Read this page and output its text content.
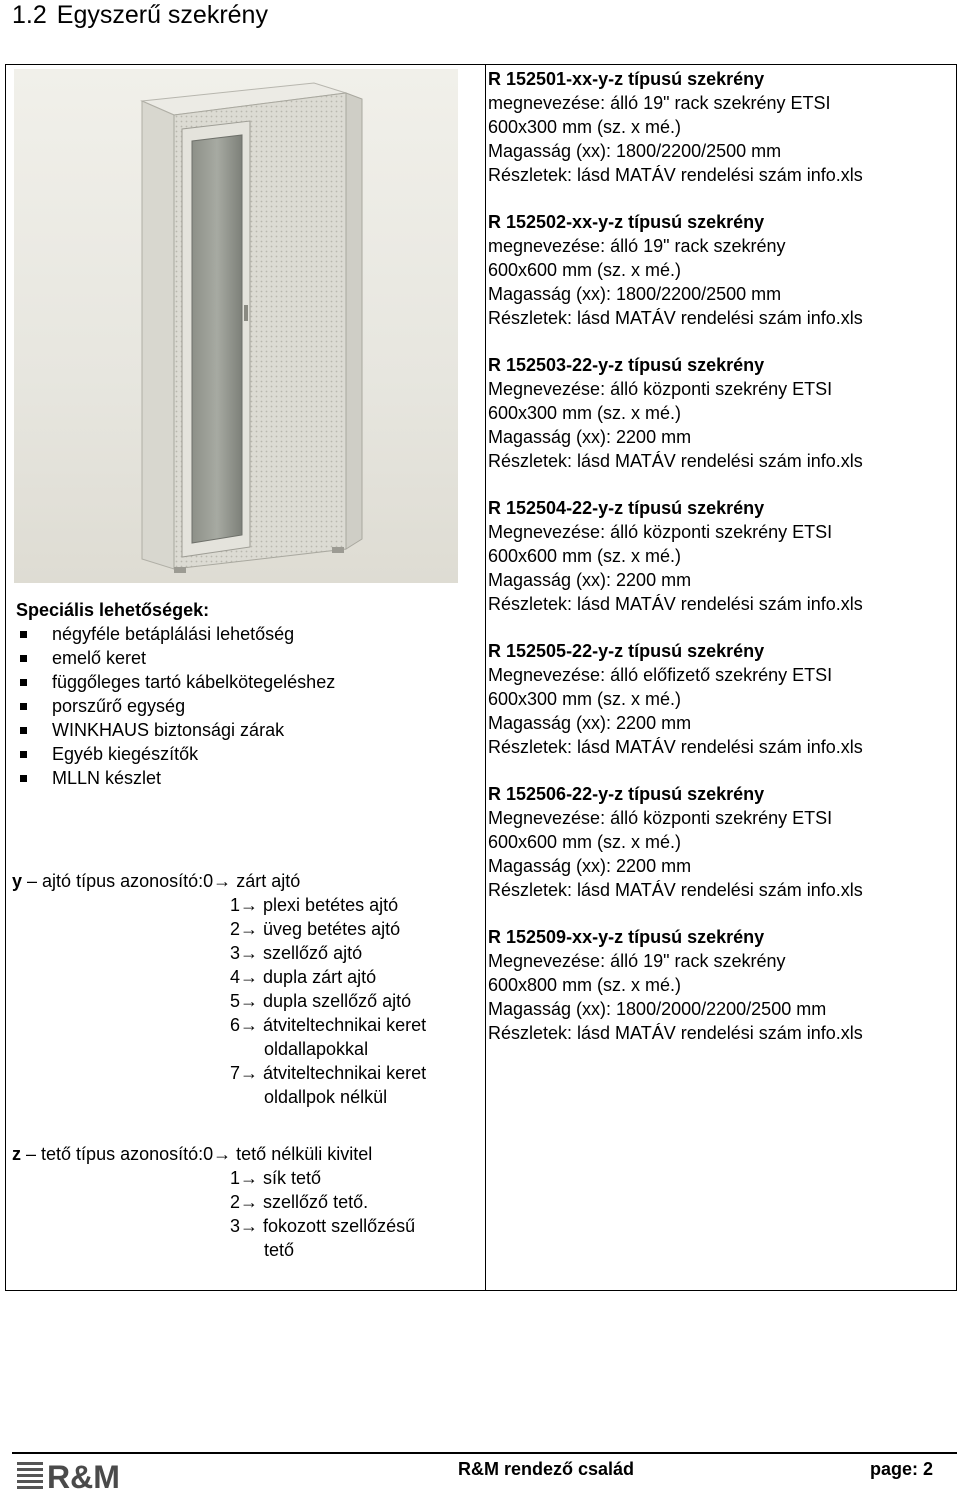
1.2 Egyszerű szekrény
Speciális lehetőségek:
négyféle betáplálási lehetőség
emelő keret
függőleges tartó kábelkötegeléshez
porszűrő egység
WINKHAUS biztonsági zárak
Egyéb kiegészítők
MLLN készlet
y – ajtó típus azonosító:0→ zárt ajtó
1→ plexi betétes ajtó
2→ üveg betétes ajtó
3→ szellőző ajtó
4→ dupla zárt ajtó
5→ dupla szellőző ajtó
6→ átviteltechnikai keret
oldallapokkal
7→ átviteltechnikai keret
oldallpok nélkül
z – tető típus azonosító:0→ tető nélküli kivitel
1→ sík tető
2→ szellőző tető.
3→ fokozott szellőzésű
tető
R 152501-xx-y-z típusú szekrény
megnevezése: álló 19" rack szekrény ETSI
600x300 mm (sz. x mé.)
Magasság (xx): 1800/2200/2500 mm
Részletek: lásd MATÁV rendelési szám info.xls
R 152502-xx-y-z típusú szekrény
megnevezése: álló 19" rack szekrény
600x600 mm (sz. x mé.)
Magasság (xx): 1800/2200/2500 mm
Részletek: lásd MATÁV rendelési szám info.xls
R 152503-22-y-z típusú szekrény
Megnevezése: álló központi szekrény ETSI
600x300 mm (sz. x mé.)
Magasság (xx): 2200 mm
Részletek: lásd MATÁV rendelési szám info.xls
R 152504-22-y-z típusú szekrény
Megnevezése: álló központi szekrény ETSI
600x600 mm (sz. x mé.)
Magasság (xx): 2200 mm
Részletek: lásd MATÁV rendelési szám info.xls
R 152505-22-y-z típusú szekrény
Megnevezése: álló előfizető szekrény ETSI
600x300 mm (sz. x mé.)
Magasság (xx): 2200 mm
Részletek: lásd MATÁV rendelési szám info.xls
R 152506-22-y-z típusú szekrény
Megnevezése: álló központi szekrény ETSI
600x600 mm (sz. x mé.)
Magasság (xx): 2200 mm
Részletek: lásd MATÁV rendelési szám info.xls
R 152509-xx-y-z típusú szekrény
Megnevezése: álló 19" rack szekrény
600x800 mm (sz. x mé.)
Magasság (xx): 1800/2000/2200/2500 mm
Részletek: lásd MATÁV rendelési szám info.xls
R&M	R&M rendező család	page: 2
